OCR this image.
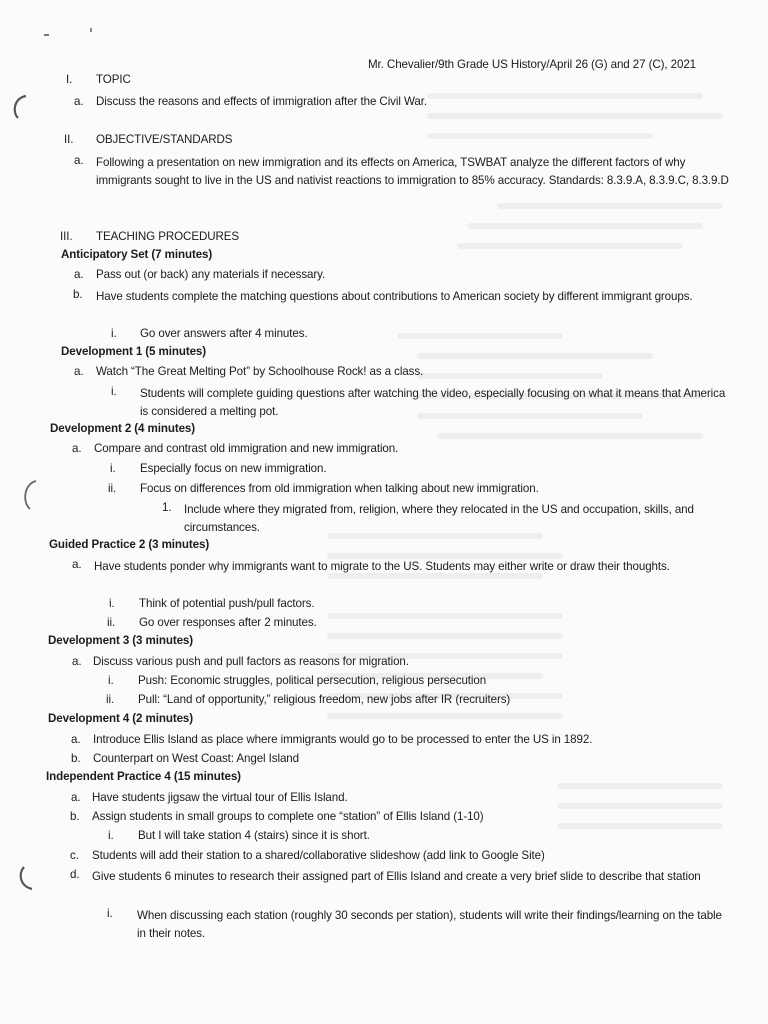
Mr. Chevalier/9th Grade US History/April 26 (G) and 27 (C), 2021
I. TOPIC
a. Discuss the reasons and effects of immigration after the Civil War.
II. OBJECTIVE/STANDARDS
a. Following a presentation on new immigration and its effects on America, TSWBAT analyze the different factors of why immigrants sought to live in the US and nativist reactions to immigration to 85% accuracy. Standards: 8.3.9.A, 8.3.9.C, 8.3.9.D
III. TEACHING PROCEDURES
Anticipatory Set (7 minutes)
a. Pass out (or back) any materials if necessary.
b. Have students complete the matching questions about contributions to American society by different immigrant groups.
i. Go over answers after 4 minutes.
Development 1 (5 minutes)
a. Watch “The Great Melting Pot” by Schoolhouse Rock! as a class.
i. Students will complete guiding questions after watching the video, especially focusing on what it means that America is considered a melting pot.
Development 2 (4 minutes)
a. Compare and contrast old immigration and new immigration.
i. Especially focus on new immigration.
ii. Focus on differences from old immigration when talking about new immigration.
1. Include where they migrated from, religion, where they relocated in the US and occupation, skills, and circumstances.
Guided Practice 2 (3 minutes)
a. Have students ponder why immigrants want to migrate to the US. Students may either write or draw their thoughts.
i. Think of potential push/pull factors.
ii. Go over responses after 2 minutes.
Development 3 (3 minutes)
a. Discuss various push and pull factors as reasons for migration.
i. Push: Economic struggles, political persecution, religious persecution
ii. Pull: “Land of opportunity,” religious freedom, new jobs after IR (recruiters)
Development 4 (2 minutes)
a. Introduce Ellis Island as place where immigrants would go to be processed to enter the US in 1892.
b. Counterpart on West Coast: Angel Island
Independent Practice 4 (15 minutes)
a. Have students jigsaw the virtual tour of Ellis Island.
b. Assign students in small groups to complete one “station” of Ellis Island (1-10)
i. But I will take station 4 (stairs) since it is short.
c. Students will add their station to a shared/collaborative slideshow (add link to Google Site)
d. Give students 6 minutes to research their assigned part of Ellis Island and create a very brief slide to describe that station
i. When discussing each station (roughly 30 seconds per station), students will write their findings/learning on the table in their notes.
